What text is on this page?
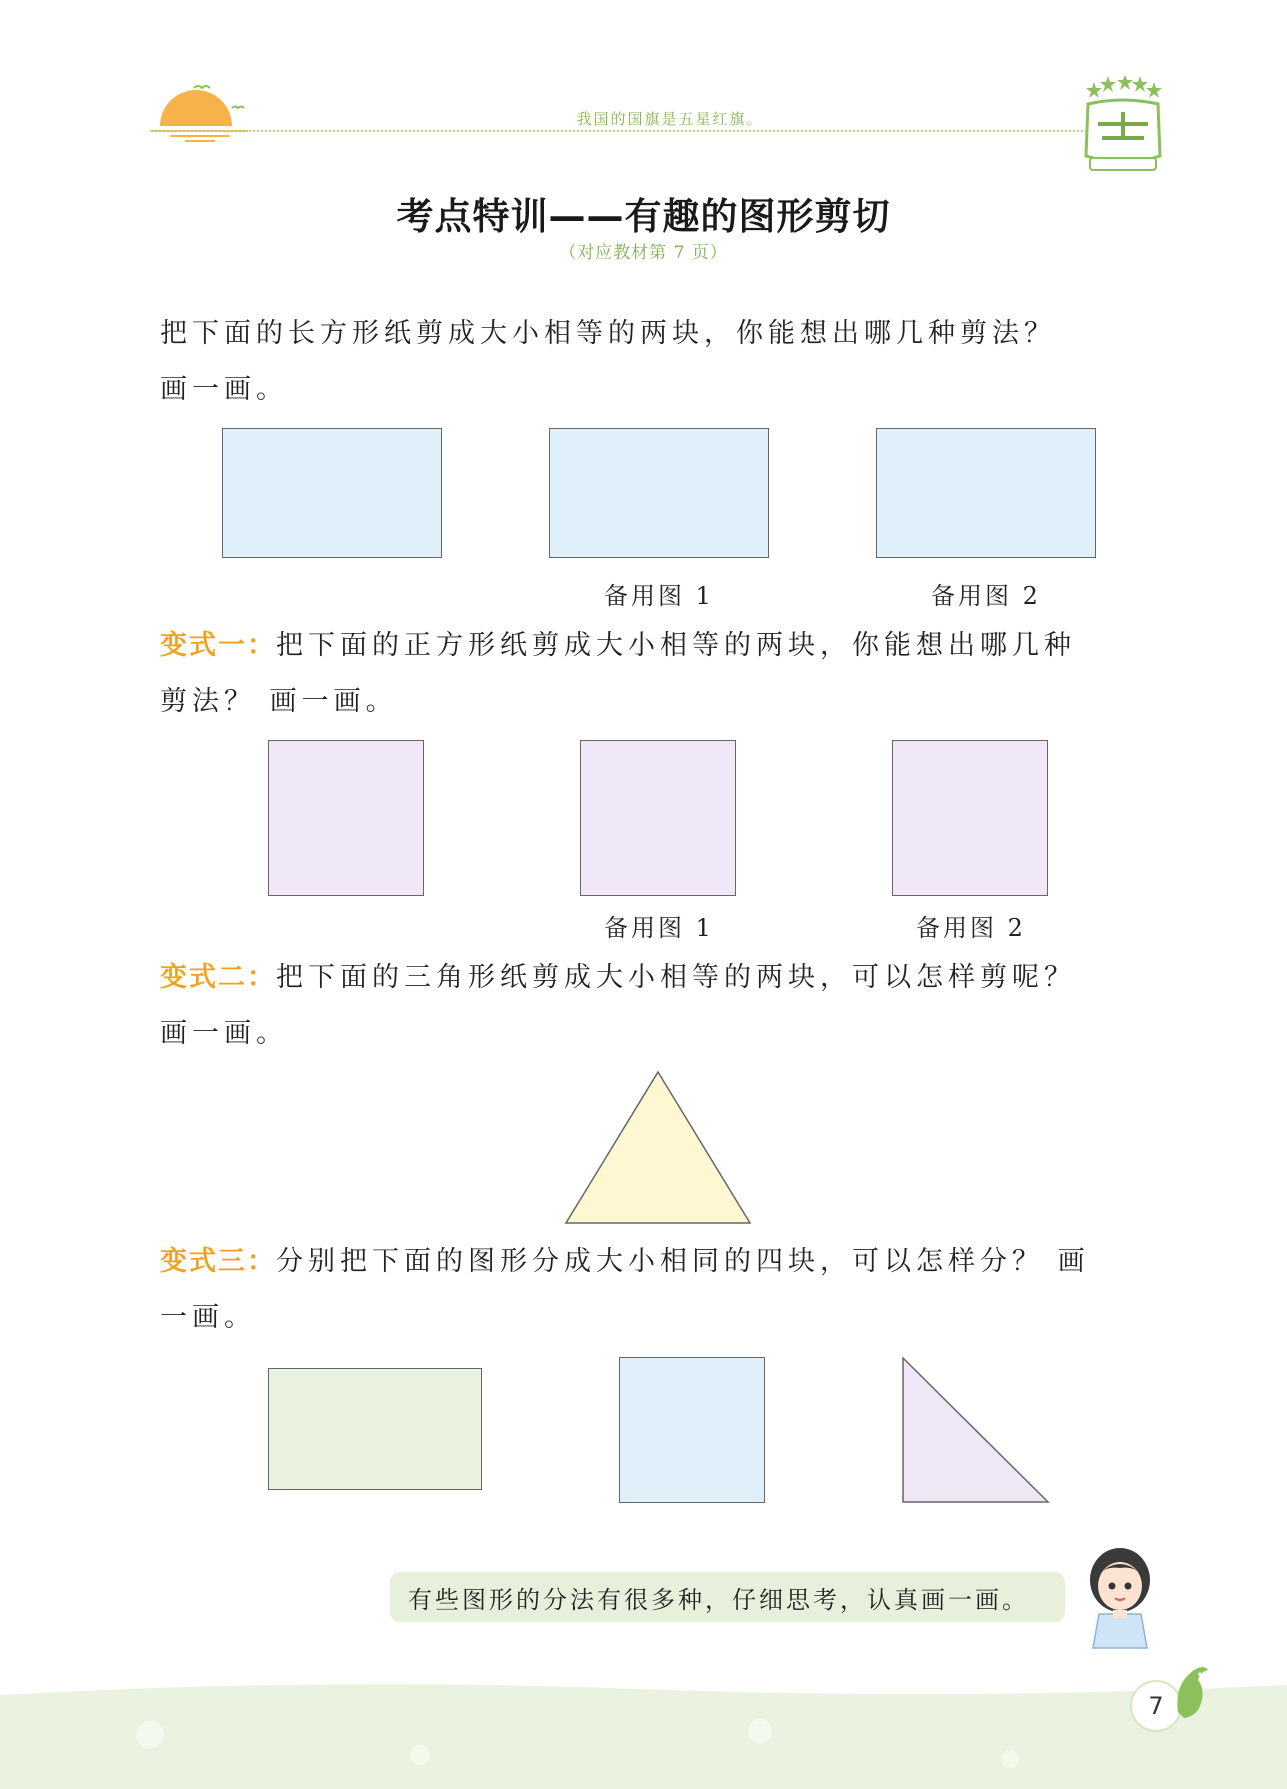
我国的国旗是五星红旗。
考点特训——有趣的图形剪切
（对应教材第 7 页）
把下面的长方形纸剪成大小相等的两块，你能想出哪几种剪法？
画一画。
备用图 1	备用图 2
变式一：把下面的正方形纸剪成大小相等的两块，你能想出哪几种
剪法？ 画一画。
备用图 1	备用图 2
变式二：把下面的三角形纸剪成大小相等的两块，可以怎样剪呢？
画一画。
变式三：分别把下面的图形分成大小相同的四块，可以怎样分？ 画
一画。
有些图形的分法有很多种，仔细思考，认真画一画。
7
